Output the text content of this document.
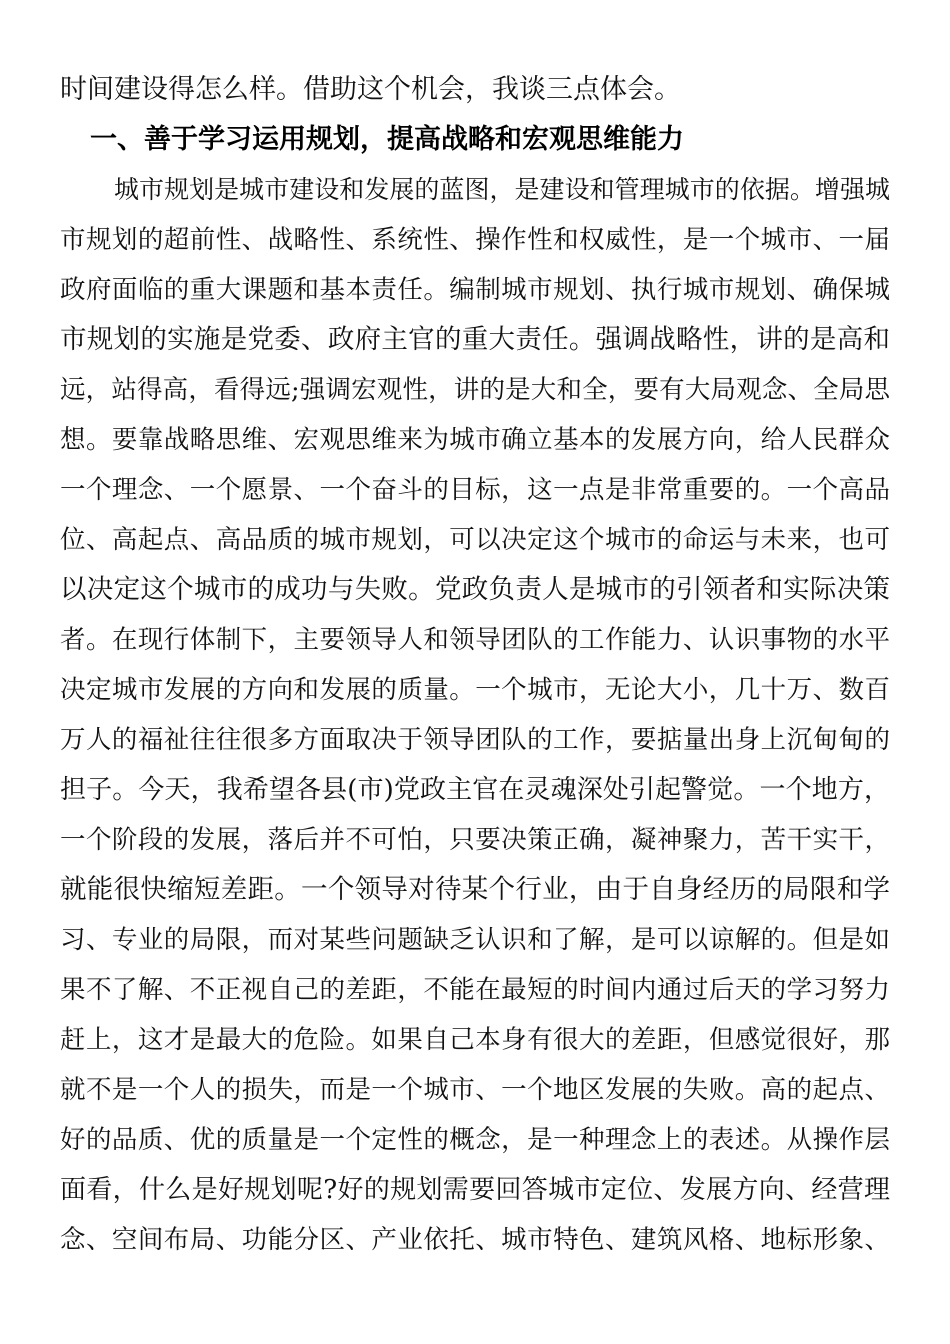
时间建设得怎么样。借助这个机会，我谈三点体会。
一、善于学习运用规划，提高战略和宏观思维能力
城市规划是城市建设和发展的蓝图，是建设和管理城市的依据。增强城
市规划的超前性、战略性、系统性、操作性和权威性，是一个城市、一届
政府面临的重大课题和基本责任。编制城市规划、执行城市规划、确保城
市规划的实施是党委、政府主官的重大责任。强调战略性，讲的是高和
远，站得高，看得远;强调宏观性，讲的是大和全，要有大局观念、全局思
想。要靠战略思维、宏观思维来为城市确立基本的发展方向，给人民群众
一个理念、一个愿景、一个奋斗的目标，这一点是非常重要的。一个高品
位、高起点、高品质的城市规划，可以决定这个城市的命运与未来，也可
以决定这个城市的成功与失败。党政负责人是城市的引领者和实际决策
者。在现行体制下，主要领导人和领导团队的工作能力、认识事物的水平
决定城市发展的方向和发展的质量。一个城市，无论大小，几十万、数百
万人的福祉往往很多方面取决于领导团队的工作，要掂量出身上沉甸甸的
担子。今天，我希望各县(市)党政主官在灵魂深处引起警觉。一个地方，
一个阶段的发展，落后并不可怕，只要决策正确，凝神聚力，苦干实干，
就能很快缩短差距。一个领导对待某个行业，由于自身经历的局限和学
习、专业的局限，而对某些问题缺乏认识和了解，是可以谅解的。但是如
果不了解、不正视自己的差距，不能在最短的时间内通过后天的学习努力
赶上，这才是最大的危险。如果自己本身有很大的差距，但感觉很好，那
就不是一个人的损失，而是一个城市、一个地区发展的失败。高的起点、
好的品质、优的质量是一个定性的概念，是一种理念上的表述。从操作层
面看，什么是好规划呢?好的规划需要回答城市定位、发展方向、经营理
念、空间布局、功能分区、产业依托、城市特色、建筑风格、地标形象、
